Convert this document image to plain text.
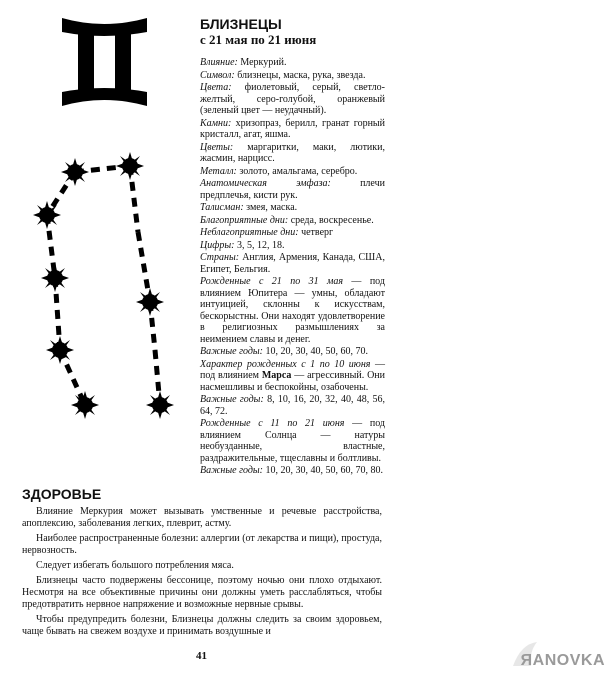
БЛИЗНЕЦЫ
с 21 мая по 21 июня

Влияние: Меркурий.

Символ: близнецы, маска, рука, звезда.

Цвета: фиолетовый, серый, светло-желтый, серо-голубой, оранжевый (зеленый цвет — неудачный).

Камни: хризопраз, берилл, гранат горный кристалл, агат, яшма.

Цветы: маргаритки, маки, лютики, жасмин, нарцисс.

Металл: золото, амальгама, серебро.

Анатомическая эмфаза: плечи предплечья, кисти рук.

Талисман: змея, маска.

Благоприятные дни: среда, воскресенье.

Неблагоприятные дни: четверг

Цифры: 3, 5, 12, 18.

Страны: Англия, Армения, Канада, США, Египет, Бельгия.

Рожденные с 21 по 31 мая — под влиянием Юпитера — умны, обладают интуицией, склонны к искусствам, бескорыстны. Они находят удовлетворение в религиозных размышлениях за неимением славы и денег.

Важные годы: 10, 20, 30, 40, 50, 60, 70.

Характер рожденных с 1 по 10 июня — под влиянием Марса — агрессивный. Они насмешливы и беспокойны, озабочены.

Важные годы: 8, 10, 16, 20, 32, 40, 48, 56, 64, 72.

Рожденные с 11 по 21 июня — под влиянием Солнца — натуры необузданные, властные, раздражительные, тщеславны и болтливы.

Важные годы: 10, 20, 30, 40, 50, 60, 70, 80.

ЗДОРОВЬЕ

Влияние Меркурия может вызывать умственные и речевые расстройства, апоплексию, заболевания легких, плеврит, астму.

Наиболее распространенные болезни: аллергии (от лекарства и пищи), простуда, нервозность.

Следует избегать большого потребления мяса.

Близнецы часто подвержены бессонице, поэтому ночью они плохо отдыхают. Несмотря на все объективные причины они должны уметь расслабляться, чтобы предотвратить нервное напряжение и возможные нервные срывы.

Чтобы предупредить болезни, Близнецы должны следить за своим здоровьем, чаще бывать на свежем воздухе и принимать воздушные и

41	ЯANOVKA
